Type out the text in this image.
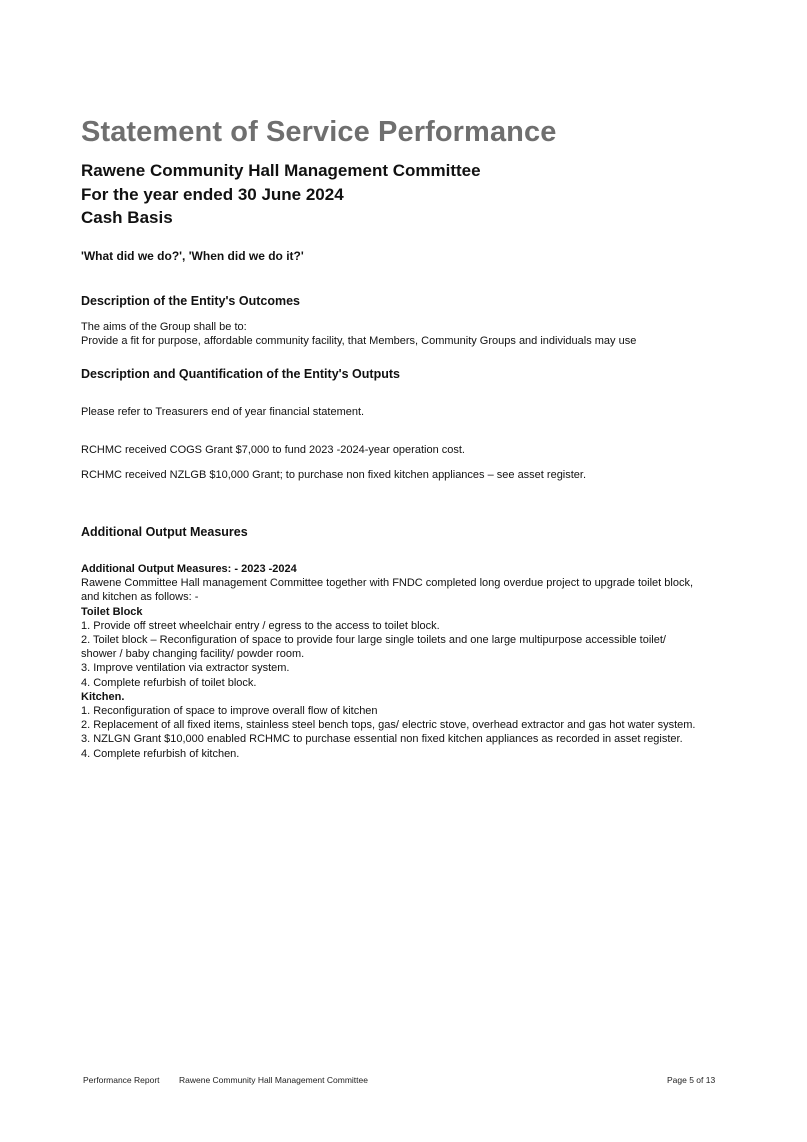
Statement of Service Performance
Rawene Community Hall Management Committee
For the year ended 30 June 2024
Cash Basis
'What did we do?', 'When did we do it?'
Description of the Entity's Outcomes
The aims of the Group shall be to:
Provide a fit for purpose, affordable community facility, that Members, Community Groups and individuals may use
Description and Quantification of the Entity's Outputs
Please refer to Treasurers end of year financial statement.
RCHMC received COGS Grant $7,000 to fund 2023 -2024-year operation cost.
RCHMC received NZLGB $10,000 Grant; to purchase non fixed kitchen appliances – see asset register.
Additional Output Measures
Additional Output Measures: - 2023 -2024
Rawene Committee Hall management Committee together with FNDC completed long overdue project to upgrade toilet block,
and kitchen as follows: -
Toilet Block
1. Provide off street wheelchair entry / egress to the access to toilet block.
2. Toilet block – Reconfiguration of space to provide four large single toilets and one large multipurpose accessible toilet/
shower / baby changing facility/ powder room.
3. Improve ventilation via extractor system.
4. Complete refurbish of toilet block.
Kitchen.
1. Reconfiguration of space to improve overall flow of kitchen
2. Replacement of all fixed items, stainless steel bench tops, gas/ electric stove, overhead extractor and gas hot water system.
3. NZLGN Grant $10,000 enabled RCHMC to purchase essential non fixed kitchen appliances as recorded in asset register.
4. Complete refurbish of kitchen.
Performance Report Rawene Community Hall Management Committee	Page 5 of 13
